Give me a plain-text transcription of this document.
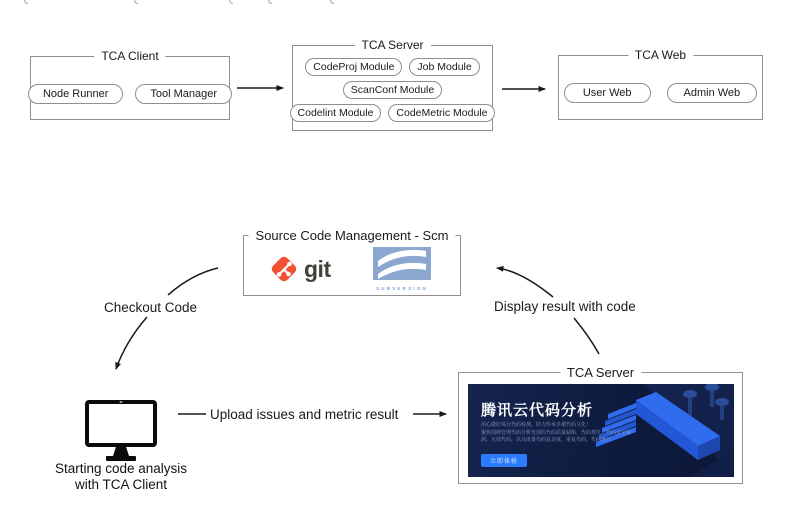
TCA Client
Node Runner	Tool Manager
TCA Server
CodeProj Module	Job Module
ScanConf Module
Codelint Module	CodeMetric Module
TCA Web
User Web	Admin Web
Source Code Management - Scm
git
SUBVERSION
Checkout Code
Upload issues and metric result
Display result with code
Starting code analysis
with TCA Client
TCA Server
腾讯云代码分析

用心做好每行代码检测，助力传承卓越代码文化！

聚焦围绕管理代码分析发现的代码质量缺陷、代码规范、代码安全漏洞、无效代码，以及度量代码复杂度、重复代码、代码统计。

立即体验
